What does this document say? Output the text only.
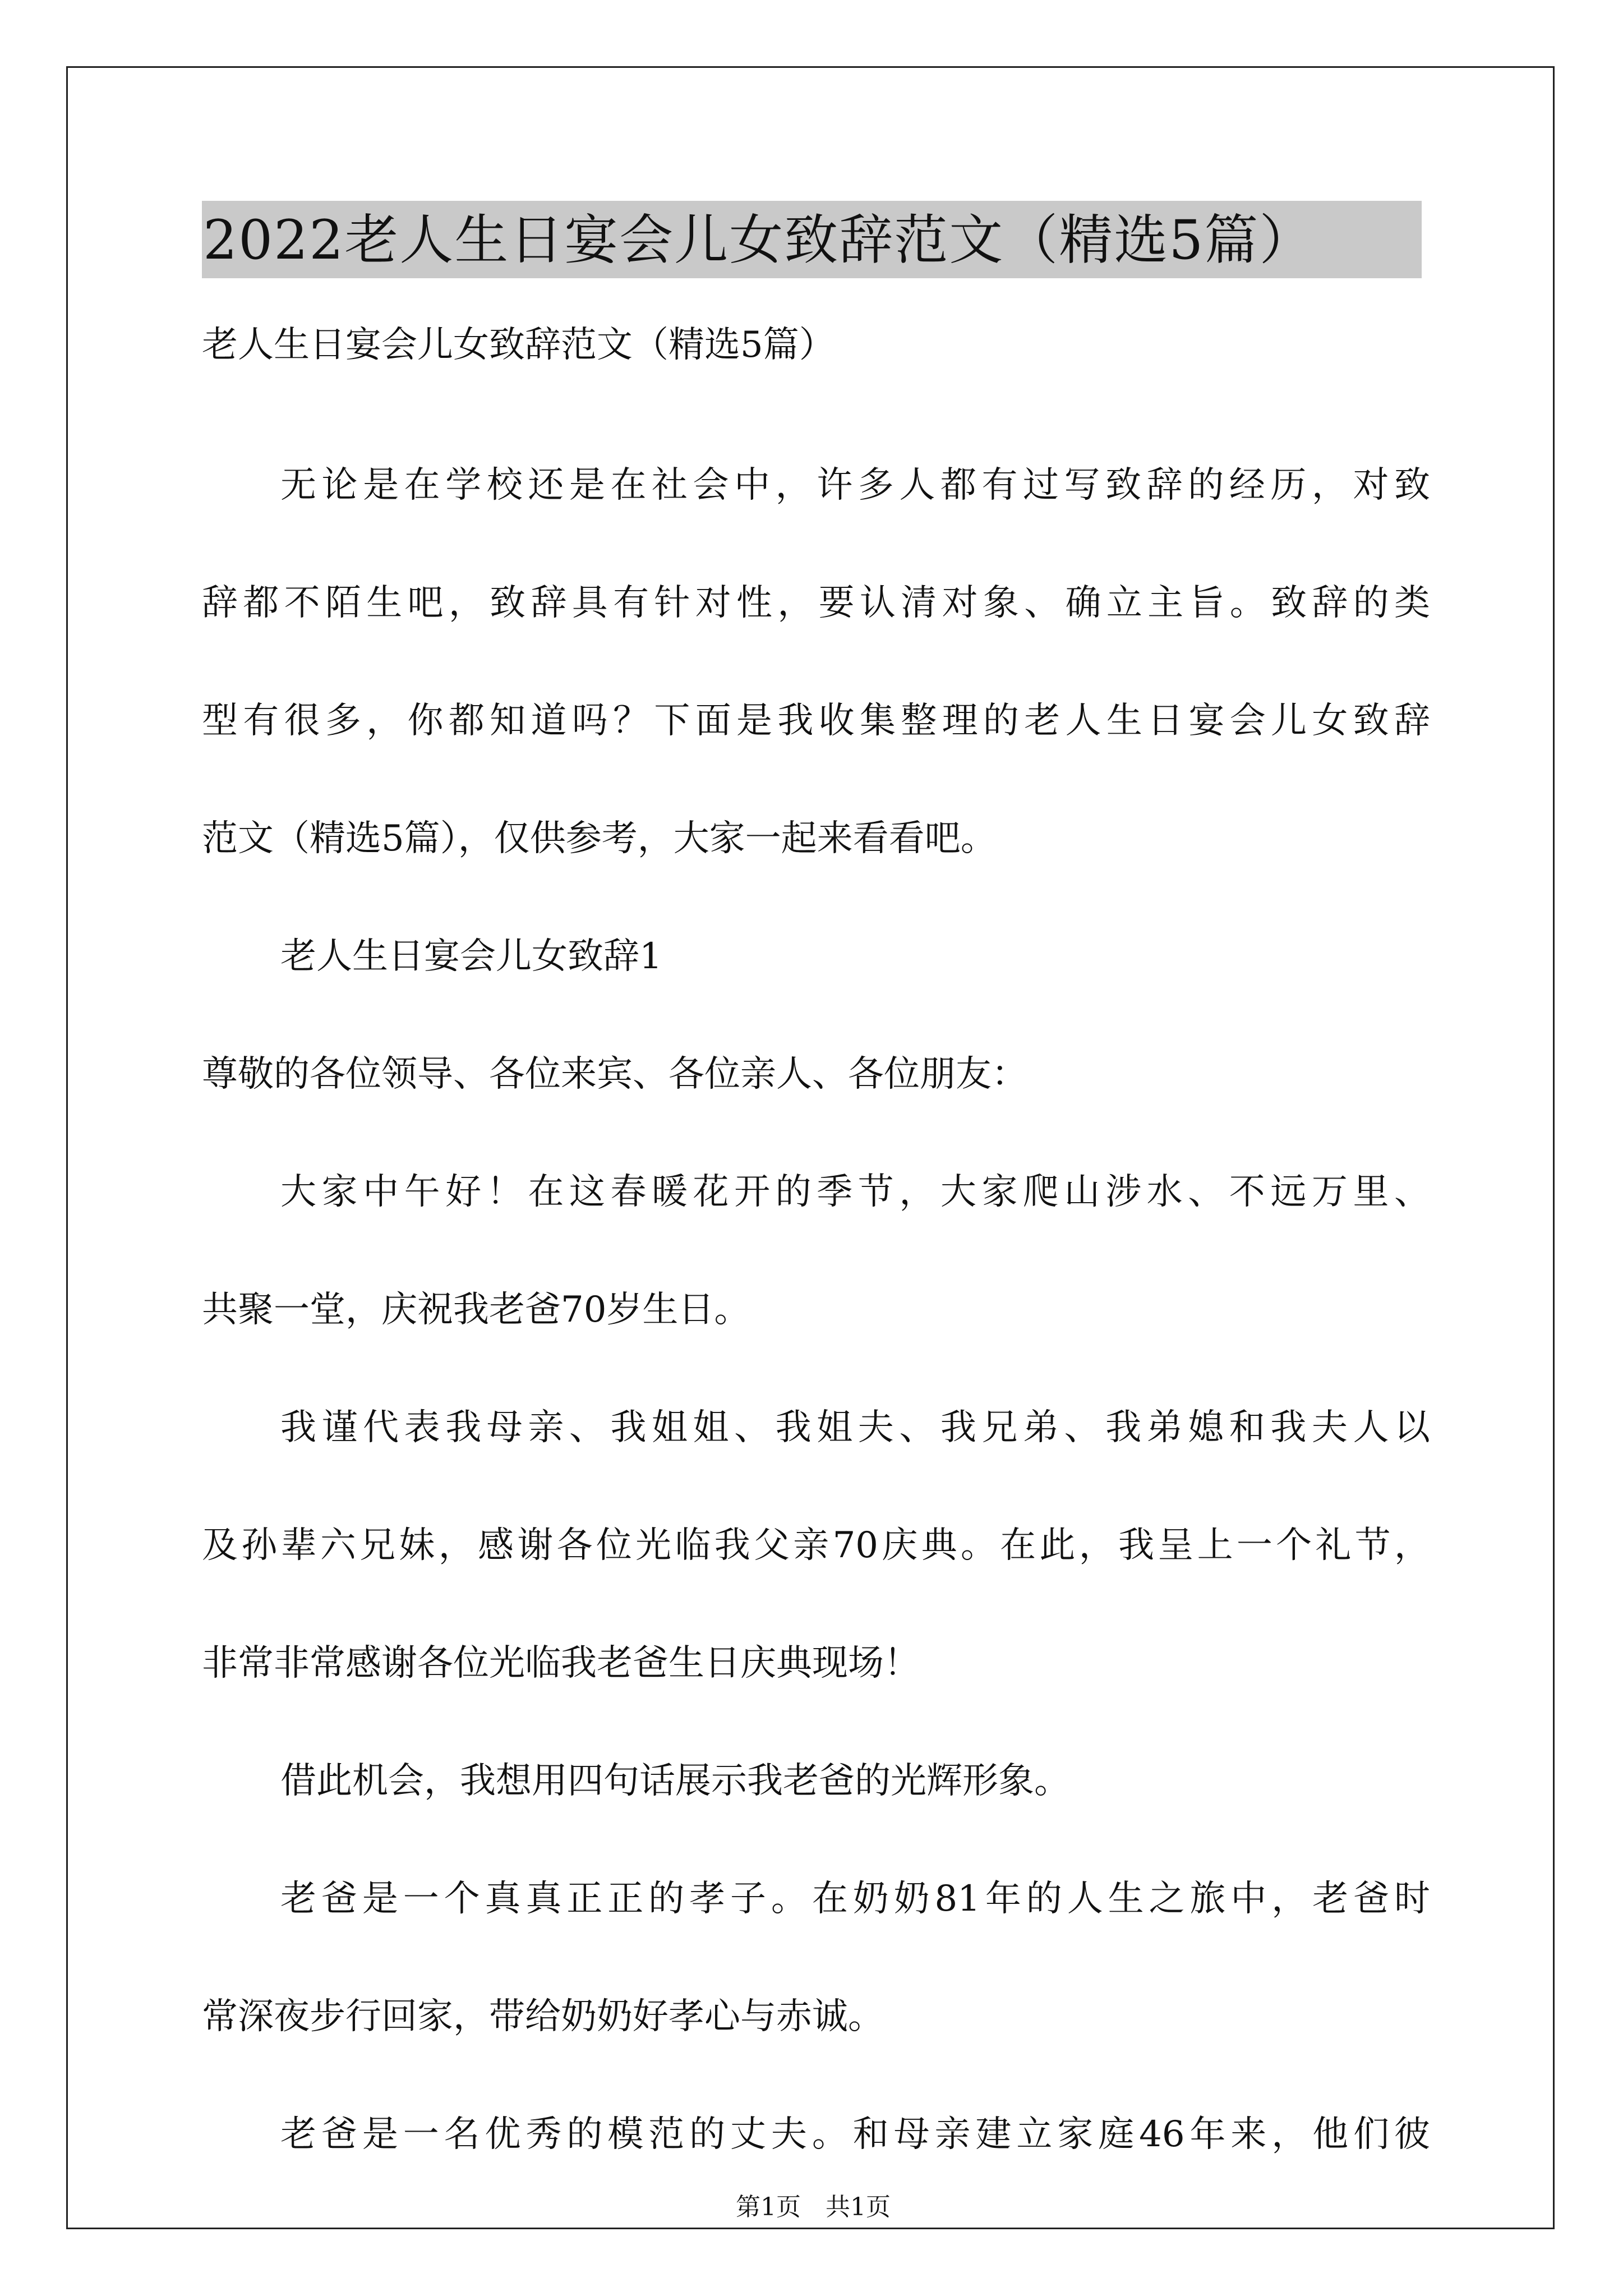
2022老人生日宴会儿女致辞范文（精选5篇）
老人生日宴会儿女致辞范文（精选5篇）
无论是在学校还是在社会中，许多人都有过写致辞的经历，对致
辞都不陌生吧，致辞具有针对性，要认清对象、确立主旨。致辞的类
型有很多，你都知道吗？下面是我收集整理的老人生日宴会儿女致辞
范文（精选5篇），仅供参考，大家一起来看看吧。
老人生日宴会儿女致辞1
尊敬的各位领导、各位来宾、各位亲人、各位朋友：
大家中午好！在这春暖花开的季节，大家爬山涉水、不远万里、
共聚一堂，庆祝我老爸70岁生日。
我谨代表我母亲、我姐姐、我姐夫、我兄弟、我弟媳和我夫人以
及孙辈六兄妹，感谢各位光临我父亲70庆典。在此，我呈上一个礼节，
非常非常感谢各位光临我老爸生日庆典现场！
借此机会，我想用四句话展示我老爸的光辉形象。
老爸是一个真真正正的孝子。在奶奶81年的人生之旅中，老爸时
常深夜步行回家，带给奶奶好孝心与赤诚。
老爸是一名优秀的模范的丈夫。和母亲建立家庭46年来，他们彼
第1页　共1页
